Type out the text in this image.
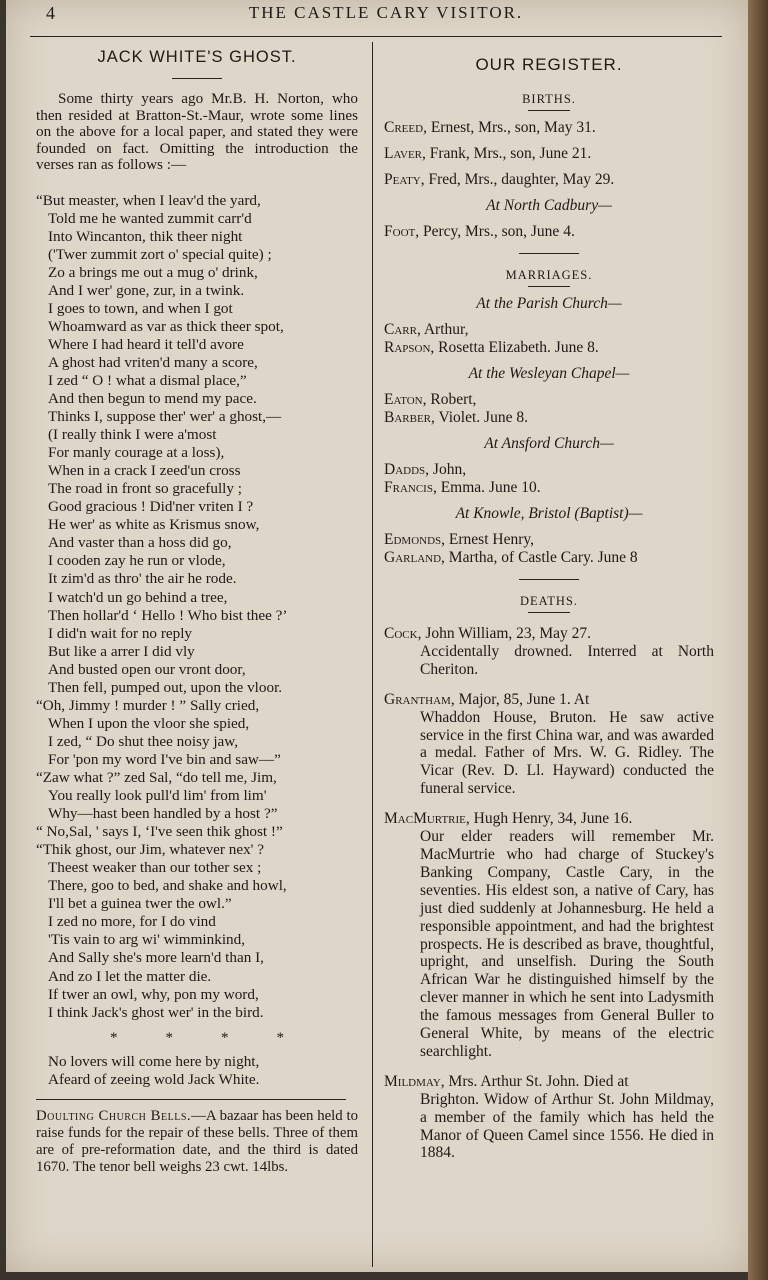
4	THE CASTLE CARY VISITOR.
JACK WHITE'S GHOST.

Some thirty years ago Mr.B. H. Norton, who then resided at Bratton-St.-Maur, wrote some lines on the above for a local paper, and stated they were founded on fact. Omitting the introduction the verses ran as follows :—

“But measter, when I leav'd the yard,
Told me he wanted zummit carr'd
Into Wincanton, thik theer night
('Twer zummit zort o' special quite) ;
Zo a brings me out a mug o' drink,
And I wer' gone, zur, in a twink.
I goes to town, and when I got
Whoamward as var as thick theer spot,
Where I had heard it tell'd avore
A ghost had vriten'd many a score,
I zed “ O ! what a dismal place,”
And then begun to mend my pace.
Thinks I, suppose ther' wer' a ghost,—
(I really think I were a'most
For manly courage at a loss),
When in a crack I zeed'un cross
The road in front so gracefully ;
Good gracious ! Did'ner vriten I ?
He wer' as white as Krismus snow,
And vaster than a hoss did go,
I cooden zay he run or vlode,
It zim'd as thro' the air he rode.
I watch'd un go behind a tree,
Then hollar'd ‘ Hello ! Who bist thee ?’
I did'n wait for no reply
But like a arrer I did vly
And busted open our vront door,
Then fell, pumped out, upon the vloor.
“Oh, Jimmy ! murder ! ” Sally cried,
When I upon the vloor she spied,
I zed, “ Do shut thee noisy jaw,
For 'pon my word I've bin and saw—”
“Zaw what ?” zed Sal, “do tell me, Jim,
You really look pull'd lim' from lim'
Why—hast been handled by a host ?”
“ No,Sal, ' says I, ‘I've seen thik ghost !”
“Thik ghost, our Jim, whatever nex' ?
Theest weaker than our tother sex ;
There, goo to bed, and shake and howl,
I'll bet a guinea twer the owl.”
I zed no more, for I do vind
'Tis vain to arg wi' wimminkind,
And Sally she's more learn'd than I,
And zo I let the matter die.
If twer an owl, why, pon my word,
I think Jack's ghost wer' in the bird.
*	*	*	*
No lovers will come here by night,
Afeard of zeeing wold Jack White.
Doulting Church Bells.—A bazaar has been held to raise funds for the repair of these bells. Three of them are of pre-reformation date, and the third is dated 1670. The tenor bell weighs 23 cwt. 14lbs.
OUR REGISTER.
BIRTHS.
Creed, Ernest, Mrs., son, May 31.
Laver, Frank, Mrs., son, June 21.
Peaty, Fred, Mrs., daughter, May 29.
At North Cadbury—
Foot, Percy, Mrs., son, June 4.
MARRIAGES.
At the Parish Church—
Carr, Arthur,
Rapson, Rosetta Elizabeth. June 8.
At the Wesleyan Chapel—
Eaton, Robert,
Barber, Violet. June 8.
At Ansford Church—
Dadds, John,
Francis, Emma. June 10.
At Knowle, Bristol (Baptist)—
Edmonds, Ernest Henry,
Garland, Martha, of Castle Cary. June 8
DEATHS.
Cock, John William, 23, May 27.
Accidentally drowned. Interred at North Cheriton.
Grantham, Major, 85, June 1. At
Whaddon House, Bruton. He saw active service in the first China war, and was awarded a medal. Father of Mrs. W. G. Ridley. The Vicar (Rev. D. Ll. Hayward) conducted the funeral service.
MacMurtrie, Hugh Henry, 34, June 16.
Our elder readers will remember Mr. MacMurtrie who had charge of Stuckey's Banking Company, Castle Cary, in the seventies. His eldest son, a native of Cary, has just died suddenly at Johannesburg. He held a responsible appointment, and had the brightest prospects. He is described as brave, thoughtful, upright, and unselfish. During the South African War he distinguished himself by the clever manner in which he sent into Ladysmith the famous messages from General Buller to General White, by means of the electric searchlight.
Mildmay, Mrs. Arthur St. John. Died at
Brighton. Widow of Arthur St. John Mildmay, a member of the family which has held the Manor of Queen Camel since 1556. He died in 1884.
